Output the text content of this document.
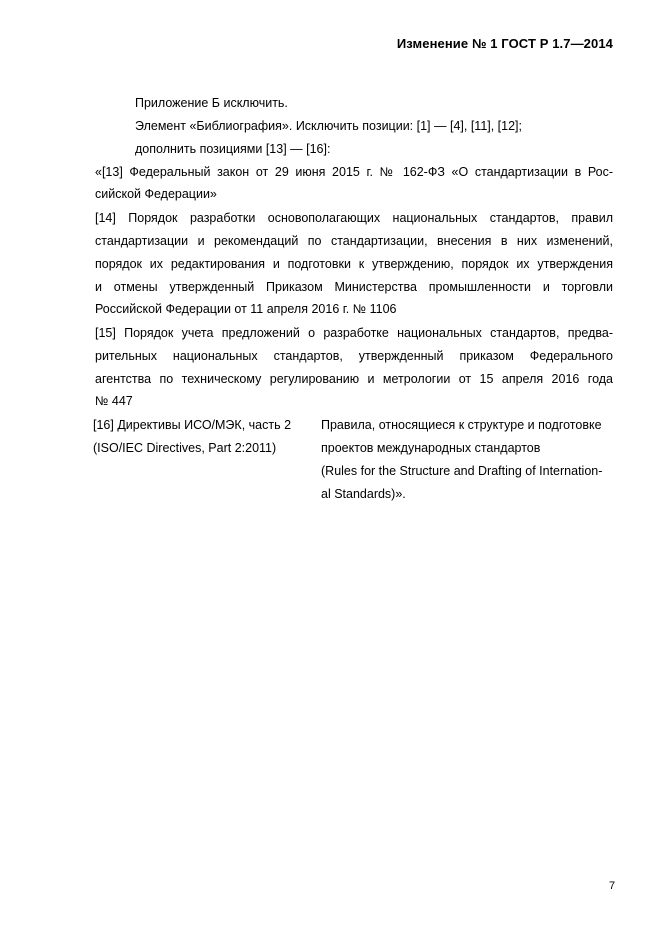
Изменение № 1 ГОСТ Р 1.7—2014
Приложение Б исключить.
Элемент «Библиография». Исключить позиции: [1] — [4], [11], [12];
дополнить позициями [13] — [16]:
«[13] Федеральный закон от 29 июня 2015 г. № 162-ФЗ «О стандартизации в Рос-
сийской Федерации»
[14] Порядок разработки основополагающих национальных стандартов, правил
стандартизации и рекомендаций по стандартизации, внесения в них изменений,
порядок их редактирования и подготовки к утверждению, порядок их утверждения
и отмены утвержденный Приказом Министерства промышленности и торговли
Российской Федерации от 11 апреля 2016 г. № 1106
[15] Порядок учета предложений о разработке национальных стандартов, предва-
рительных национальных стандартов, утвержденный приказом Федерального
агентства по техническому регулированию и метрологии от 15 апреля 2016 года
№ 447
[16] Директивы ИСО/МЭК, часть 2
(ISO/IEC Directives, Part 2:2011)
Правила, относящиеся к структуре и подготовке
проектов международных стандартов
(Rules for the Structure and Drafting of Internation-
al Standards)».
7
